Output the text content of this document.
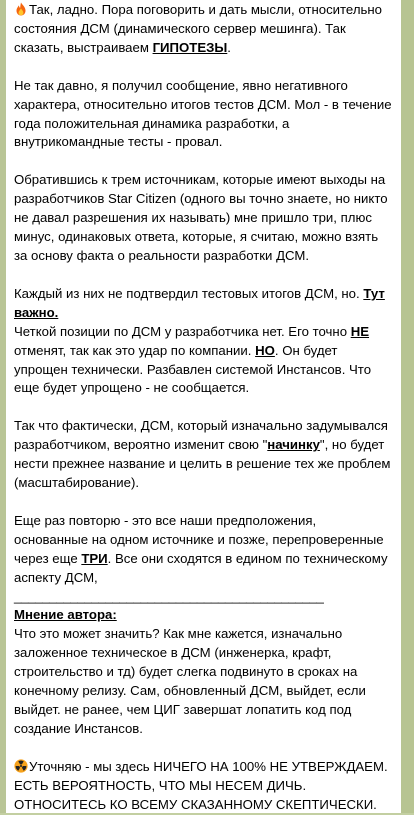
Так, ладно. Пора поговорить и дать мысли, относительно состояния ДСМ (динамического сервер мешинга). Так сказать, выстраиваем ГИПОТЕЗЫ.

Не так давно, я получил сообщение, явно негативного характера, относительно итогов тестов ДСМ. Мол - в течение года положительная динамика разработки, а внутрикомандные тесты - провал.

Обратившись к трем источникам, которые имеют выходы на разработчиков Star Citizen (одного вы точно знаете, но никто не давал разрешения их называть) мне пришло три, плюс минус, одинаковых ответа, которые, я считаю, можно взять за основу факта о реальности разработки ДСМ.

Каждый из них не подтвердил тестовых итогов ДСМ, но. Тут важно.

Четкой позиции по ДСМ у разработчика нет. Его точно НЕ отменят, так как это удар по компании. НО. Он будет упрощен технически. Разбавлен системой Инстансов. Что еще будет упрощено - не сообщается.

Так что фактически, ДСМ, который изначально задумывался разработчиком, вероятно изменит свою "начинку", но будет нести прежнее название и целить в решение тех же проблем (масштабирование).

Еще раз повторю - это все наши предположения, основанные на одном источнике и позже, перепроверенные через еще ТРИ. Все они сходятся в едином по техническому аспекту ДСМ,

____________________________________________

Мнение автора:

Что это может значить? Как мне кажется, изначально заложенное техническое в ДСМ (инженерка, крафт, строительство и тд) будет слегка подвинуто в сроках на конечному релизу. Сам, обновленный ДСМ, выйдет, если выйдет. не ранее, чем ЦИГ завершат лопатить код под создание Инстансов.

Уточняю - мы здесь НИЧЕГО НА 100% НЕ УТВЕРЖДАЕМ. ЕСТЬ ВЕРОЯТНОСТЬ, ЧТО МЫ НЕСЕМ ДИЧЬ. ОТНОСИТЕСЬ КО ВСЕМУ СКАЗАННОМУ СКЕПТИЧЕСКИ.
